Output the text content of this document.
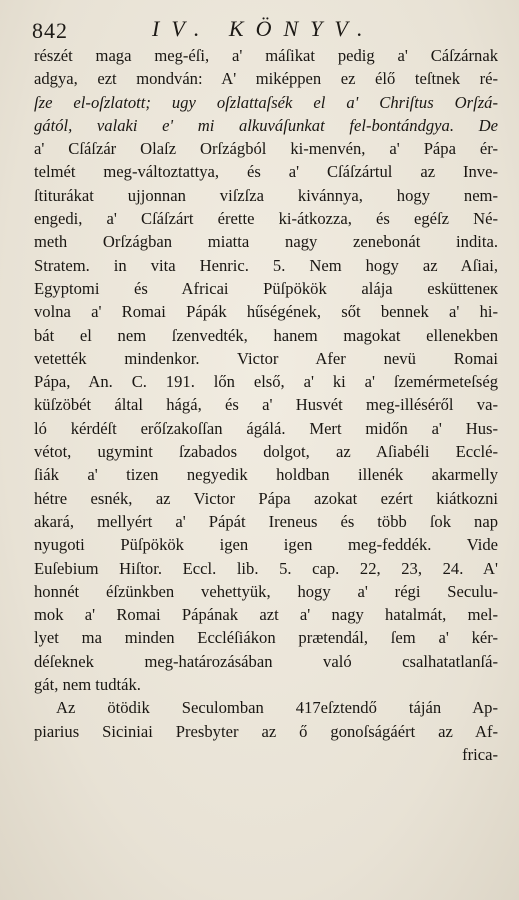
842	IV. KÖNYV.
részét maga meg-éſi, a' máſikat pedig a' Cáſzárnak
adgya, ezt mondván: A' miképpen ez élő teſtnek ré-
ſze el-oſzlatott; ugy oſzlattaſsék el a' Chriſtus Orſzá-
gától, valaki e' mi alkuváſunkat fel-bontándgya. De
a' Cſáſzár Olaſz Orſzágból ki-menvén, a' Pápa ér-
telmét meg-változtattya, és a' Cſáſzártul az Inve-
ſtiturákat ujjonnan viſzſza kivánnya, hogy nem-
engedi, a' Cſáſzárt érette ki-átkozza, és egéſz Né-
meth Orſzágban miatta nagy zenebonát indita.
Stratem. in vita Henric. 5. Nem hogy az Aſiai,
Egyptomi és Africai Püſpökök alája eskütteneк
volna a' Romai Pápák hűségének, sőt bennek a' hi-
bát el nem ſzenvedték, hanem magokat ellenekben
vetették mindenkor. Victor Afer nevü Romai
Pápa, An. C. 191. lőn első, a' ki a' ſzemérmeteſség
küſzöbét által hágá, és a' Husvét meg-illéséről va-
ló kérdéſt erőſzakoſſan ágálá. Mert midőn a' Hus-
vétot, ugymint ſzabados dolgot, az Aſiabéli Ecclé-
ſiák a' tizen negyedik holdban illenék akarmelly
hétre esnék, az Victor Pápa azokat ezért kiátkozni
akará, mellyért a' Pápát Ireneus és több ſok nap
nyugoti Püſpökök igen igen meg-feddék. Vide
Euſebium Hiſtor. Eccl. lib. 5. cap. 22, 23, 24. A'
honnét éſzünkben vehettyük, hogy a' régi Seculu-
mok a' Romai Pápának azt a' nagy hatalmát, mel-
lyet ma minden Eccléſiákon prætendál, ſem a' kér-
déſeknek meg-határozásában való csalhatatlanſá-
gát, nem tudták.
Az ötödik Seculomban 417eſztendő táján Ap-
piarius Siciniai Presbyter az ő gonoſságáért az Af-
frica-
